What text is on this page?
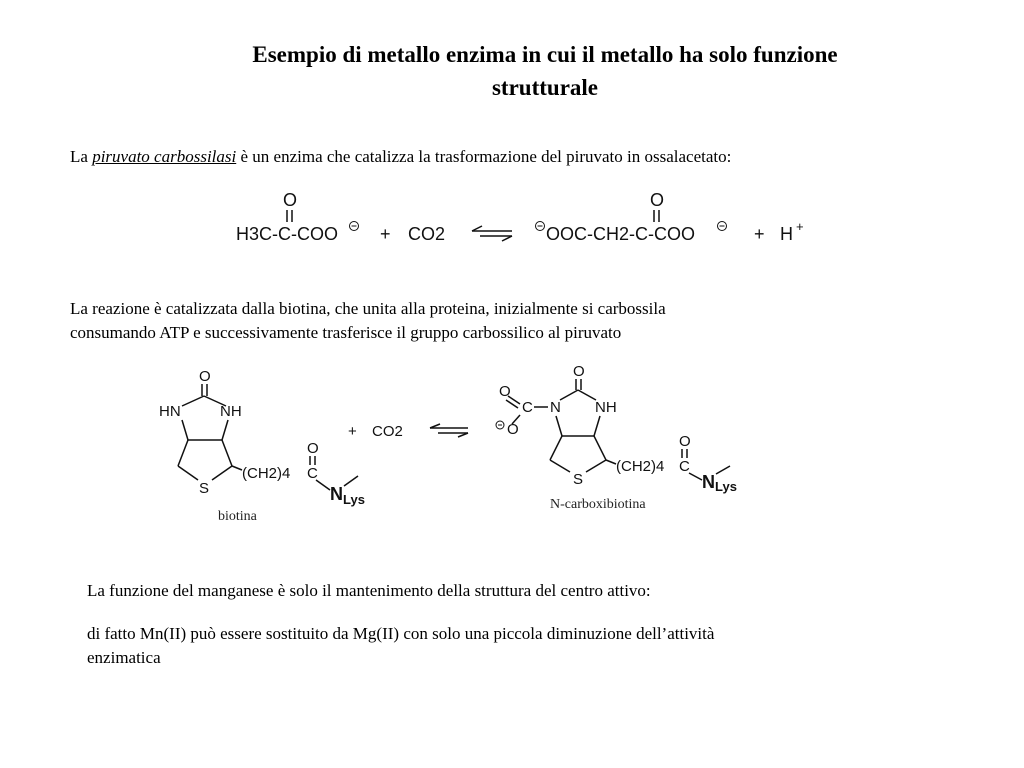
Esempio di metallo enzima in cui il metallo ha solo funzione
strutturale

La piruvato carbossilasi è un enzima che catalizza la trasformazione del piruvato in ossalacetato:

O
H3C-C-COO + CO2
O
OOC-CH2-C-COO	+ H +
La reazione è catalizzata dalla biotina, che unita alla proteina, inizialmente si carbossila
consumando ATP e successivamente trasferisce il gruppo carbossilico al piruvato
O
HN	NH
S
(CH2)4 C
O
N Lys
biotina
+ CO2
O
C N
O
O
NH
S
(CH2)4 C
O
N Lys
N-carboxibiotina

La funzione del manganese è solo il mantenimento della struttura del centro attivo:

di fatto Mn(II) può essere sostituito da Mg(II) con solo una piccola diminuzione dell’attività
enzimatica
